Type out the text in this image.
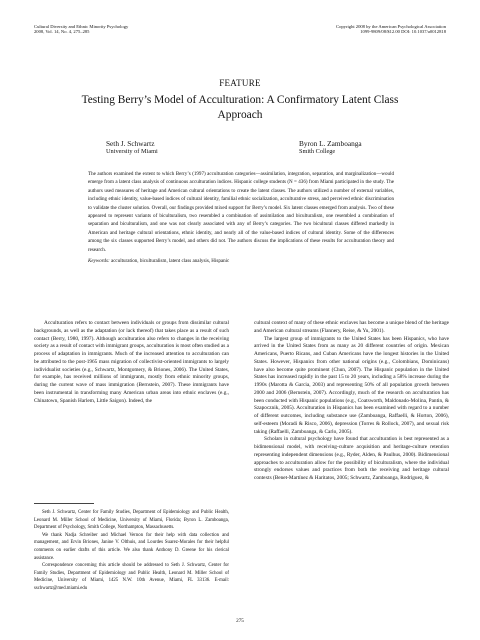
Cultural Diversity and Ethnic Minority Psychology
2008, Vol. 14, No. 4, 275–285
Copyright 2008 by the American Psychological Association
1099-9809/08/$12.00 DOI: 10.1037/a0012818
FEATURE
Testing Berry’s Model of Acculturation: A Confirmatory Latent Class Approach
Seth J. Schwartz
University of Miami
Byron L. Zamboanga
Smith College

The authors examined the extent to which Berry’s (1997) acculturation categories—assimilation, integration, separation, and marginalization—would emerge from a latent class analysis of continuous acculturation indices. Hispanic college students (N = 436) from Miami participated in the study. The authors used measures of heritage and American cultural orientations to create the latent classes. The authors utilized a number of external variables, including ethnic identity, value-based indices of cultural identity, familial ethnic socialization, acculturative stress, and perceived ethnic discrimination to validate the cluster solution. Overall, our findings provided mixed support for Berry’s model. Six latent classes emerged from analysis. Two of these appeared to represent variants of biculturalism, two resembled a combination of assimilation and biculturalism, one resembled a combination of separation and biculturalism, and one was not clearly associated with any of Berry’s categories. The two bicultural classes differed markedly in American and heritage cultural orientations, ethnic identity, and nearly all of the value-based indices of cultural identity. Some of the differences among the six classes supported Berry’s model, and others did not. The authors discuss the implications of these results for acculturation theory and research.

Keywords: acculturation, biculturalism, latent class analysis, Hispanic

Acculturation refers to contact between individuals or groups from dissimilar cultural backgrounds, as well as the adaptation (or lack thereof) that takes place as a result of such contact (Berry, 1980, 1997). Although acculturation also refers to changes in the receiving society as a result of contact with immigrant groups, acculturation is most often studied as a process of adaptation in immigrants. Much of the increased attention to acculturation can be attributed to the post-1965 mass migration of collectivist-oriented immigrants to largely individualist societies (e.g., Schwartz, Montgomery, & Briones, 2006). The United States, for example, has received millions of immigrants, mostly from ethnic minority groups, during the current wave of mass immigration (Bernstein, 2007). These immigrants have been instrumental in transforming many American urban areas into ethnic enclaves (e.g., Chinatown, Spanish Harlem, Little Saigon). Indeed, the

Seth J. Schwartz, Center for Family Studies, Department of Epidemiology and Public Health, Leonard M. Miller School of Medicine, University of Miami, Florida; Byron L. Zamboanga, Department of Psychology, Smith College, Northampton, Massachusetts.

We thank Nadja Schreiber and Michael Vernon for their help with data collection and management, and Ervin Briones, Janine V. Olthuis, and Lourdes Suarez-Morales for their helpful comments on earlier drafts of this article. We also thank Anthony D. Greene for his clerical assistance.

Correspondence concerning this article should be addressed to Seth J. Schwartz, Center for Family Studies, Department of Epidemiology and Public Health, Leonard M. Miller School of Medicine, University of Miami, 1425 N.W. 10th Avenue, Miami, FL 33136. E-mail: sschwartz@med.miami.edu

cultural context of many of these ethnic enclaves has become a unique blend of the heritage and American cultural streams (Flannery, Reise, & Yu, 2001).

The largest group of immigrants to the United States has been Hispanics, who have arrived in the United States from as many as 20 different countries of origin. Mexican Americans, Puerto Ricans, and Cuban Americans have the longest histories in the United States. However, Hispanics from other national origins (e.g., Colombians, Dominicans) have also become quite prominent (Chun, 2007). The Hispanic population in the United States has increased rapidly in the past 15 to 20 years, including a 58% increase during the 1990s (Marotta & Garcia, 2003) and representing 50% of all population growth between 2000 and 2006 (Bernstein, 2007). Accordingly, much of the research on acculturation has been conducted with Hispanic populations (e.g., Coatsworth, Maldonado-Molina, Pantin, & Szapocznik, 2005). Acculturation in Hispanics has been examined with regard to a number of different outcomes, including substance use (Zamboanga, Raffaelli, & Horton, 2006), self-esteem (Moradi & Risco, 2006), depression (Torres & Rollock, 2007), and sexual risk taking (Raffaelli, Zamboanga, & Carlo, 2005).

Scholars in cultural psychology have found that acculturation is best represented as a bidimensional model, with receiving-culture acquisition and heritage-culture retention representing independent dimensions (e.g., Ryder, Alden, & Paulhus, 2000). Bidimensional approaches to acculturation allow for the possibility of biculturalism, where the individual strongly endorses values and practices from both the receiving and heritage cultural contexts (Benet-Martínez & Haritatos, 2005; Schwartz, Zamboanga, Rodriguez, &

275
